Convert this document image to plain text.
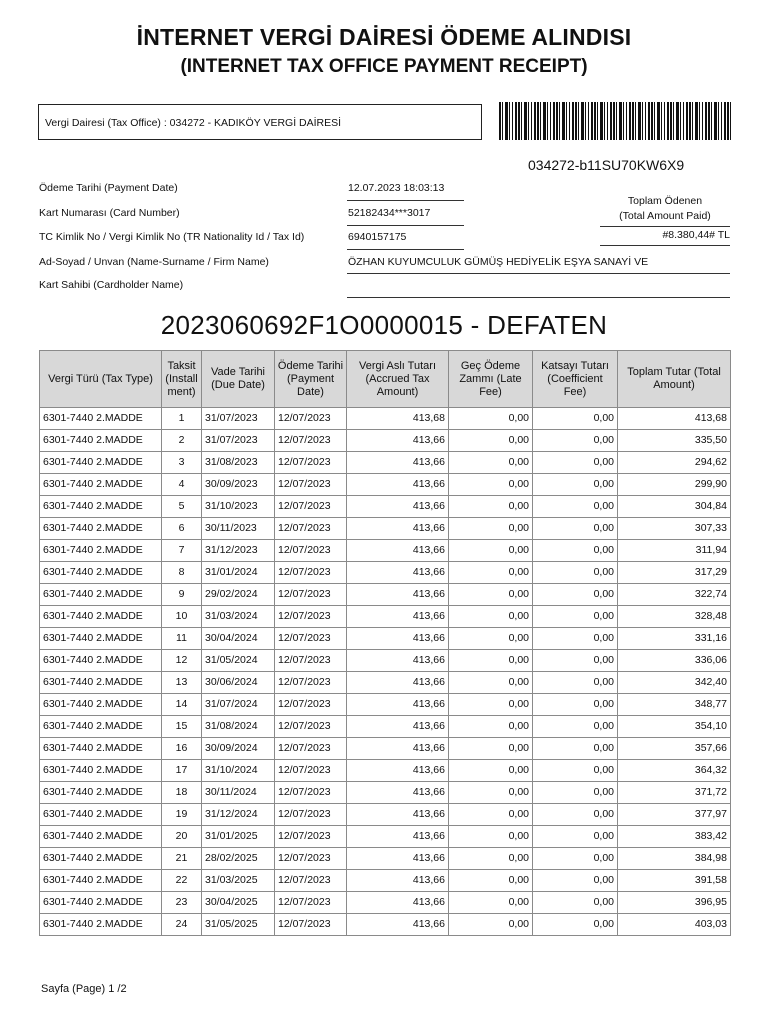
İNTERNET VERGİ DAİRESİ ÖDEME ALINDISI
(INTERNET TAX OFFICE PAYMENT RECEIPT)
Vergi Dairesi (Tax Office) : 034272 - KADIKÖY VERGİ DAİRESİ
034272-b11SU70KW6X9
Ödeme Tarihi (Payment Date)	12.07.2023 18:03:13
Kart Numarası (Card Number)	52182434***3017
TC Kimlik No / Vergi Kimlik No (TR Nationality Id / Tax Id)	6940157175
Ad-Soyad / Unvan (Name-Surname / Firm Name)	ÖZHAN KUYUMCULUK GÜMÜŞ HEDİYELİK EŞYA SANAYİ VE
Kart Sahibi (Cardholder Name)
Toplam Ödenen
(Total Amount Paid)
#8.380,44# TL
2023060692F1O0000015 - DEFATEN
Vergi Türü (Tax Type)	Taksit (Install ment)	Vade Tarihi (Due Date)	Ödeme Tarihi (Payment Date)	Vergi Aslı Tutarı (Accrued Tax Amount)	Geç Ödeme Zammı (Late Fee)	Katsayı Tutarı (Coefficient Fee)	Toplam Tutar (Total Amount)
6301-7440 2.MADDE	1	31/07/2023	12/07/2023	413,68	0,00	0,00	413,68
6301-7440 2.MADDE	2	31/07/2023	12/07/2023	413,66	0,00	0,00	335,50
6301-7440 2.MADDE	3	31/08/2023	12/07/2023	413,66	0,00	0,00	294,62
6301-7440 2.MADDE	4	30/09/2023	12/07/2023	413,66	0,00	0,00	299,90
6301-7440 2.MADDE	5	31/10/2023	12/07/2023	413,66	0,00	0,00	304,84
6301-7440 2.MADDE	6	30/11/2023	12/07/2023	413,66	0,00	0,00	307,33
6301-7440 2.MADDE	7	31/12/2023	12/07/2023	413,66	0,00	0,00	311,94
6301-7440 2.MADDE	8	31/01/2024	12/07/2023	413,66	0,00	0,00	317,29
6301-7440 2.MADDE	9	29/02/2024	12/07/2023	413,66	0,00	0,00	322,74
6301-7440 2.MADDE	10	31/03/2024	12/07/2023	413,66	0,00	0,00	328,48
6301-7440 2.MADDE	11	30/04/2024	12/07/2023	413,66	0,00	0,00	331,16
6301-7440 2.MADDE	12	31/05/2024	12/07/2023	413,66	0,00	0,00	336,06
6301-7440 2.MADDE	13	30/06/2024	12/07/2023	413,66	0,00	0,00	342,40
6301-7440 2.MADDE	14	31/07/2024	12/07/2023	413,66	0,00	0,00	348,77
6301-7440 2.MADDE	15	31/08/2024	12/07/2023	413,66	0,00	0,00	354,10
6301-7440 2.MADDE	16	30/09/2024	12/07/2023	413,66	0,00	0,00	357,66
6301-7440 2.MADDE	17	31/10/2024	12/07/2023	413,66	0,00	0,00	364,32
6301-7440 2.MADDE	18	30/11/2024	12/07/2023	413,66	0,00	0,00	371,72
6301-7440 2.MADDE	19	31/12/2024	12/07/2023	413,66	0,00	0,00	377,97
6301-7440 2.MADDE	20	31/01/2025	12/07/2023	413,66	0,00	0,00	383,42
6301-7440 2.MADDE	21	28/02/2025	12/07/2023	413,66	0,00	0,00	384,98
6301-7440 2.MADDE	22	31/03/2025	12/07/2023	413,66	0,00	0,00	391,58
6301-7440 2.MADDE	23	30/04/2025	12/07/2023	413,66	0,00	0,00	396,95
6301-7440 2.MADDE	24	31/05/2025	12/07/2023	413,66	0,00	0,00	403,03
Sayfa (Page) 1 /2
